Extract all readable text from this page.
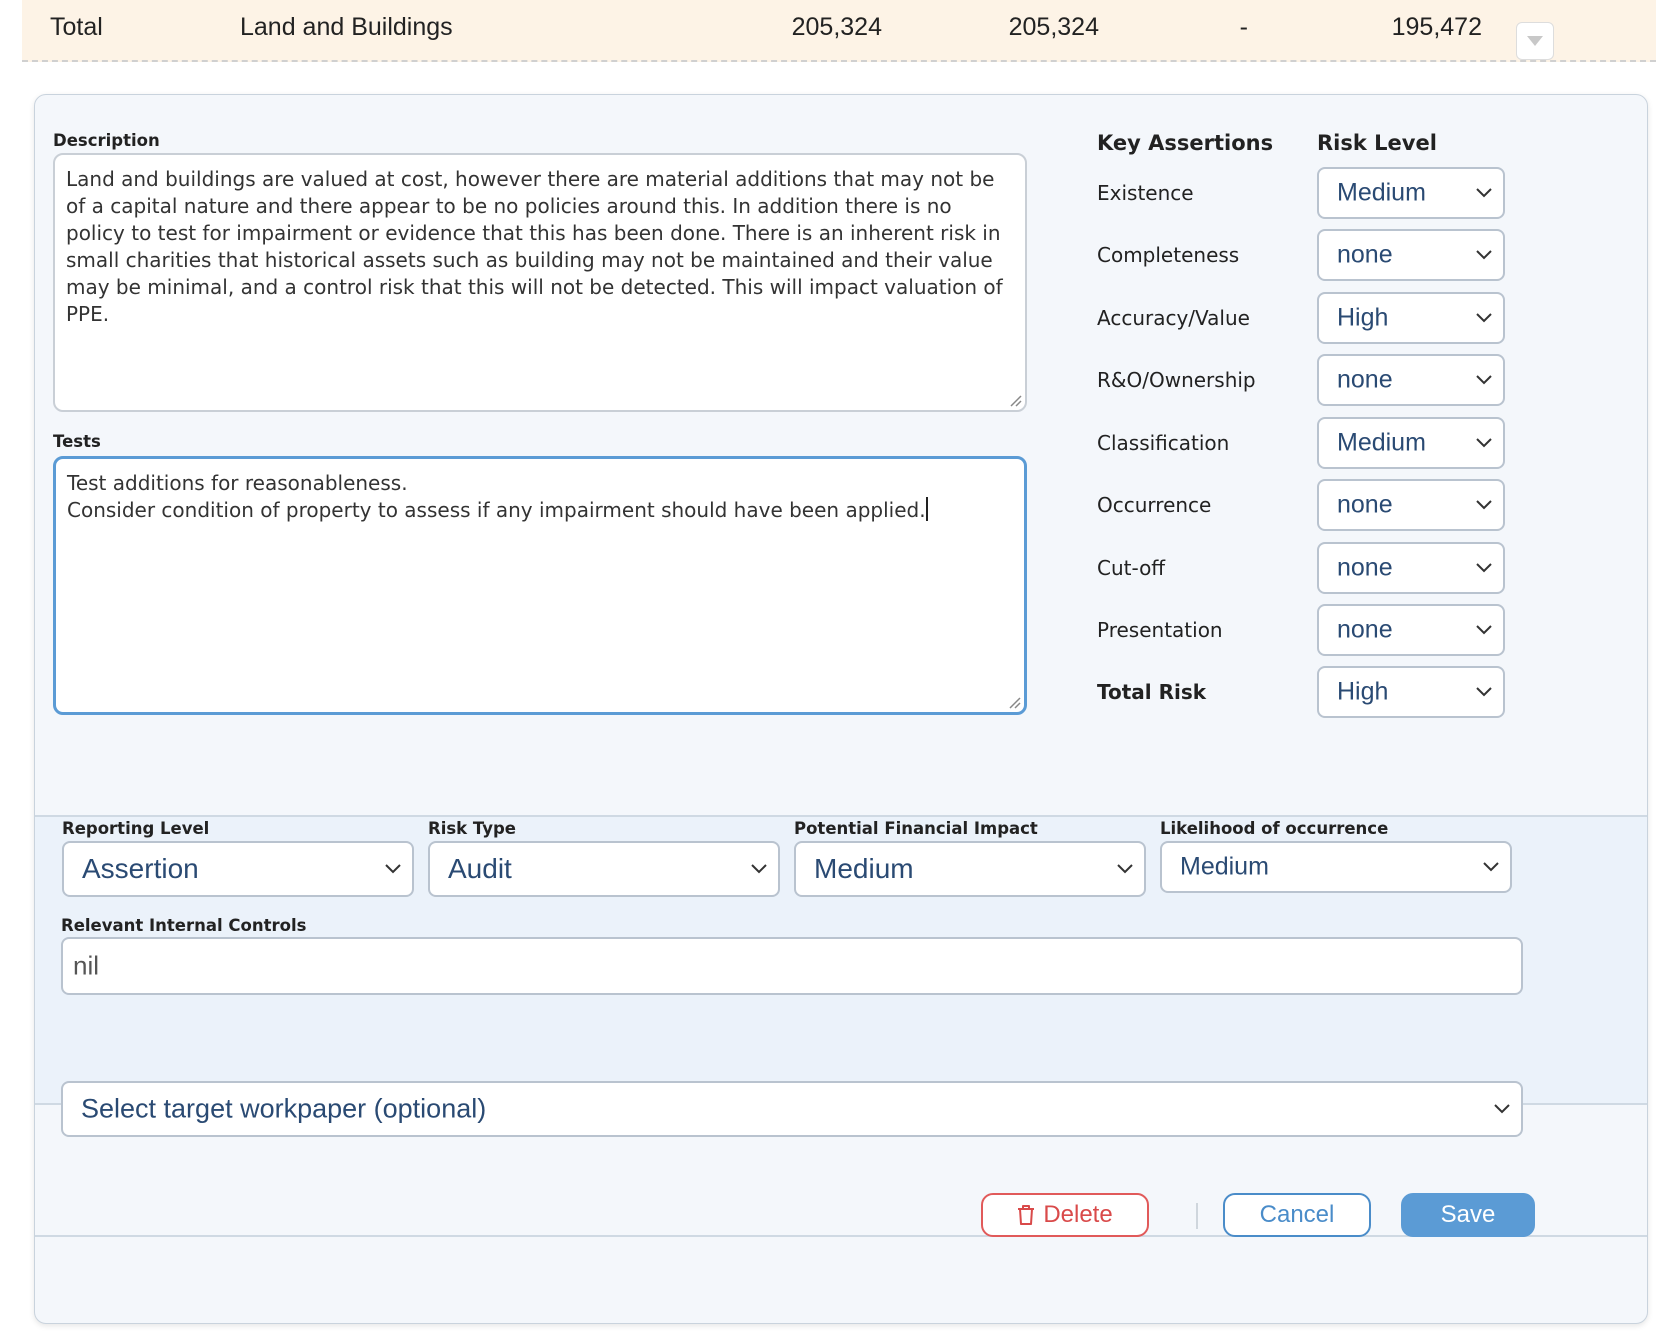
Total	Land and Buildings	205,324	205,324	-	195,472
Description
Land and buildings are valued at cost, however there are material additions that may not be of a capital nature and there appear to be no policies around this. In addition there is no policy to test for impairment or evidence that this has been done. There is an inherent risk in small charities that historical assets such as building may not be maintained and their value may be minimal, and a control risk that this will not be detected. This will impact valuation of PPE.
Tests
Test additions for reasonableness.
Consider condition of property to assess if any impairment should have been applied.
Key Assertions Risk Level
Existence	Medium
Completeness	none
Accuracy/Value	High
R&O/Ownership	none
Classification	Medium
Occurrence	none
Cut-off	none
Presentation	none
Total Risk	High
Reporting Level
Assertion
Risk Type
Audit
Potential Financial Impact
Medium
Likelihood of occurrence
Medium
Relevant Internal Controls
nil
Select target workpaper (optional)
Delete	Cancel	Save
